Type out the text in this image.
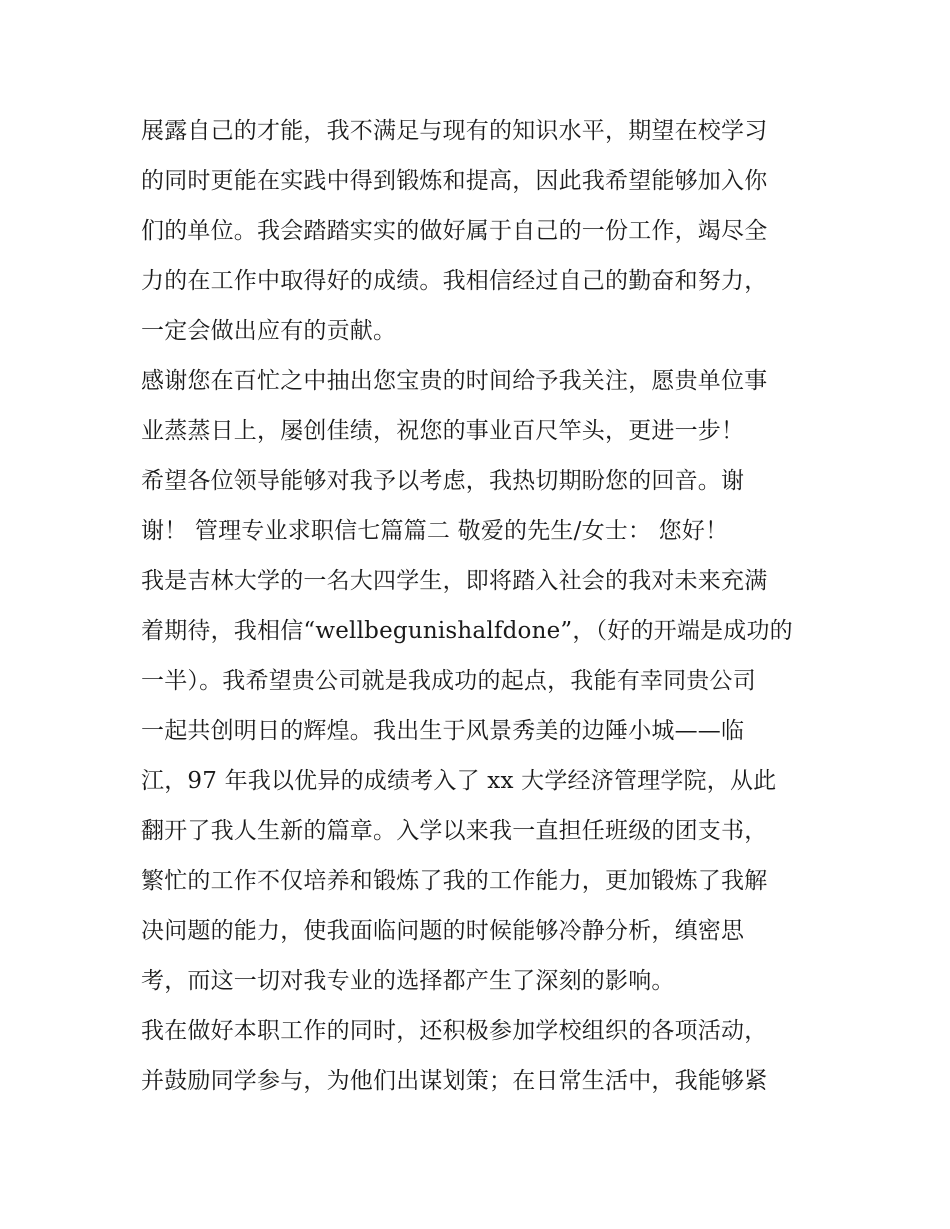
展露自己的才能，我不满足与现有的知识水平，期望在校学习
的同时更能在实践中得到锻炼和提高，因此我希望能够加入你
们的单位。我会踏踏实实的做好属于自己的一份工作，竭尽全
力的在工作中取得好的成绩。我相信经过自己的勤奋和努力，
一定会做出应有的贡献。
感谢您在百忙之中抽出您宝贵的时间给予我关注，愿贵单位事
业蒸蒸日上，屡创佳绩，祝您的事业百尺竿头，更进一步！
希望各位领导能够对我予以考虑，我热切期盼您的回音。谢
谢！ 管理专业求职信七篇篇二 敬爱的先生/女士： 您好！
我是吉林大学的一名大四学生，即将踏入社会的我对未来充满
着期待，我相信“wellbegunishalfdone”，（好的开端是成功的
一半）。我希望贵公司就是我成功的起点，我能有幸同贵公司
一起共创明日的辉煌。我出生于风景秀美的边陲小城——临
江，97 年我以优异的成绩考入了 xx 大学经济管理学院，从此
翻开了我人生新的篇章。入学以来我一直担任班级的团支书，
繁忙的工作不仅培养和锻炼了我的工作能力，更加锻炼了我解
决问题的能力，使我面临问题的时候能够冷静分析，缜密思
考，而这一切对我专业的选择都产生了深刻的影响。
我在做好本职工作的同时，还积极参加学校组织的各项活动，
并鼓励同学参与，为他们出谋划策；在日常生活中，我能够紧
